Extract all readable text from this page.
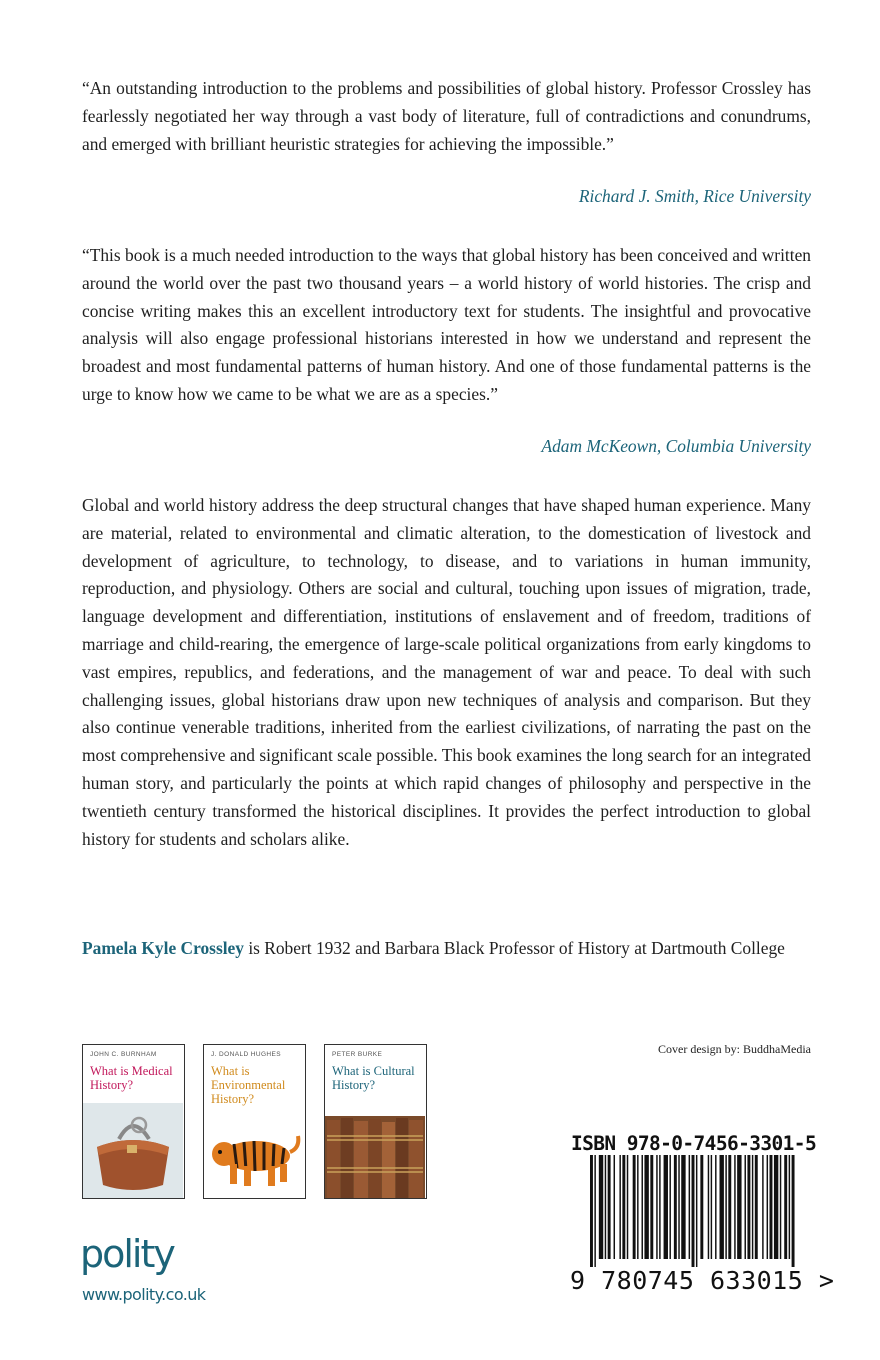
“An outstanding introduction to the problems and possibilities of global history. Professor Crossley has fearlessly negotiated her way through a vast body of literature, full of contradictions and conundrums, and emerged with brilliant heuristic strategies for achieving the impossible.”

Richard J. Smith, Rice University

“This book is a much needed introduction to the ways that global history has been conceived and written around the world over the past two thousand years – a world history of world histories. The crisp and concise writing makes this an excellent introductory text for students. The insightful and provocative analysis will also engage professional historians interested in how we understand and represent the broadest and most fundamental patterns of human history. And one of those fundamental patterns is the urge to know how we came to be what we are as a species.”

Adam McKeown, Columbia University

Global and world history address the deep structural changes that have shaped human experience. Many are material, related to environmental and climatic alteration, to the domestication of livestock and development of agriculture, to technology, to disease, and to variations in human immunity, reproduction, and physiology. Others are social and cultural, touching upon issues of migration, trade, language development and differentiation, institutions of enslavement and of freedom, traditions of marriage and child-rearing, the emergence of large-scale political organizations from early kingdoms to vast empires, republics, and federations, and the management of war and peace. To deal with such challenging issues, global historians draw upon new techniques of analysis and comparison. But they also continue venerable traditions, inherited from the earliest civilizations, of narrating the past on the most comprehensive and significant scale possible. This book examines the long search for an integrated human story, and particularly the points at which rapid changes of philosophy and perspective in the twentieth century transformed the historical disciplines. It provides the perfect introduction to global history for students and scholars alike.

Pamela Kyle Crossley is Robert 1932 and Barbara Black Professor of History at Dartmouth College

JOHN C. BURNHAM
What is Medical History?
J. DONALD HUGHES
What is Environmental History?
PETER BURKE
What is Cultural History?
Cover design by: BuddhaMedia
ISBN 978-0-7456-3301-5
9 780745 633015 >
polity
www.polity.co.uk
